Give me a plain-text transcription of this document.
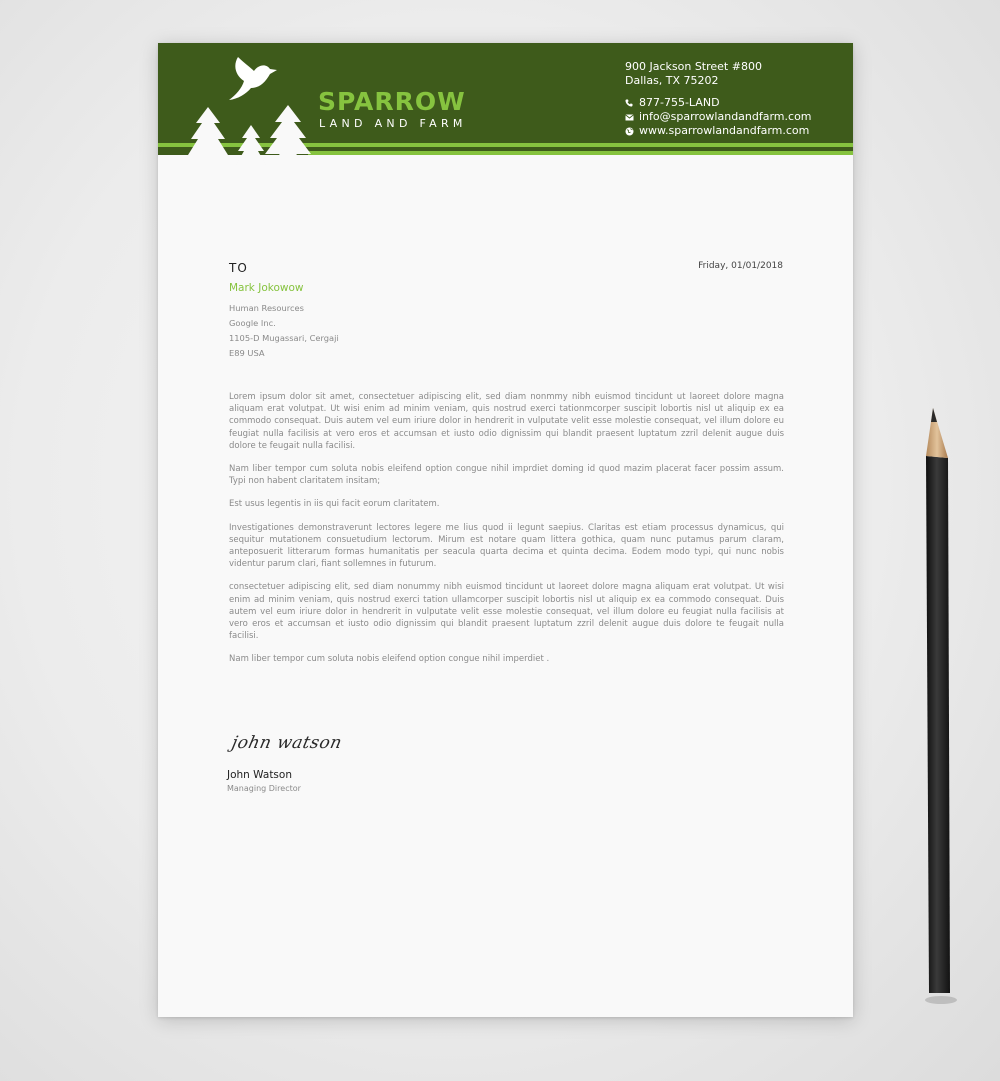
SPARROW
LAND AND FARM
900 Jackson Street #800
Dallas, TX 75202
877-755-LAND
info@sparrowlandandfarm.com
www.sparrowlandandfarm.com
TO
Mark Jokowow
Human Resources
Google Inc.
1105-D Mugassari, Cergaji
E89 USA
Friday, 01/01/2018

Lorem ipsum dolor sit amet, consectetuer adipiscing elit, sed diam nonmmy nibh euismod tincidunt ut laoreet dolore magna aliquam erat volutpat. Ut wisi enim ad minim veniam, quis nostrud exerci tationmcorper suscipit lobortis nisl ut aliquip ex ea commodo consequat. Duis autem vel eum iriure dolor in hendrerit in vulputate velit esse molestie consequat, vel illum dolore eu feugiat nulla facilisis at vero eros et accumsan et iusto odio dignissim qui blandit praesent luptatum zzril delenit augue duis dolore te feugait nulla facilisi.

Nam liber tempor cum soluta nobis eleifend option congue nihil imprdiet doming id quod mazim placerat facer possim assum. Typi non habent claritatem insitam;

Est usus legentis in iis qui facit eorum claritatem.

Investigationes demonstraverunt lectores legere me lius quod ii legunt saepius. Claritas est etiam processus dynamicus, qui sequitur mutationem consuetudium lectorum. Mirum est notare quam littera gothica, quam nunc putamus parum claram, anteposuerit litterarum formas humanitatis per seacula quarta decima et quinta decima. Eodem modo typi, qui nunc nobis videntur parum clari, fiant sollemnes in futurum.

consectetuer adipiscing elit, sed diam nonummy nibh euismod tincidunt ut laoreet dolore magna aliquam erat volutpat. Ut wisi enim ad minim veniam, quis nostrud exerci tation ullamcorper suscipit lobortis nisl ut aliquip ex ea commodo consequat. Duis autem vel eum iriure dolor in hendrerit in vulputate velit esse molestie consequat, vel illum dolore eu feugiat nulla facilisis at vero eros et accumsan et iusto odio dignissim qui blandit praesent luptatum zzril delenit augue duis dolore te feugait nulla facilisi.

Nam liber tempor cum soluta nobis eleifend option congue nihil imperdiet .

john watson
John Watson
Managing Director
